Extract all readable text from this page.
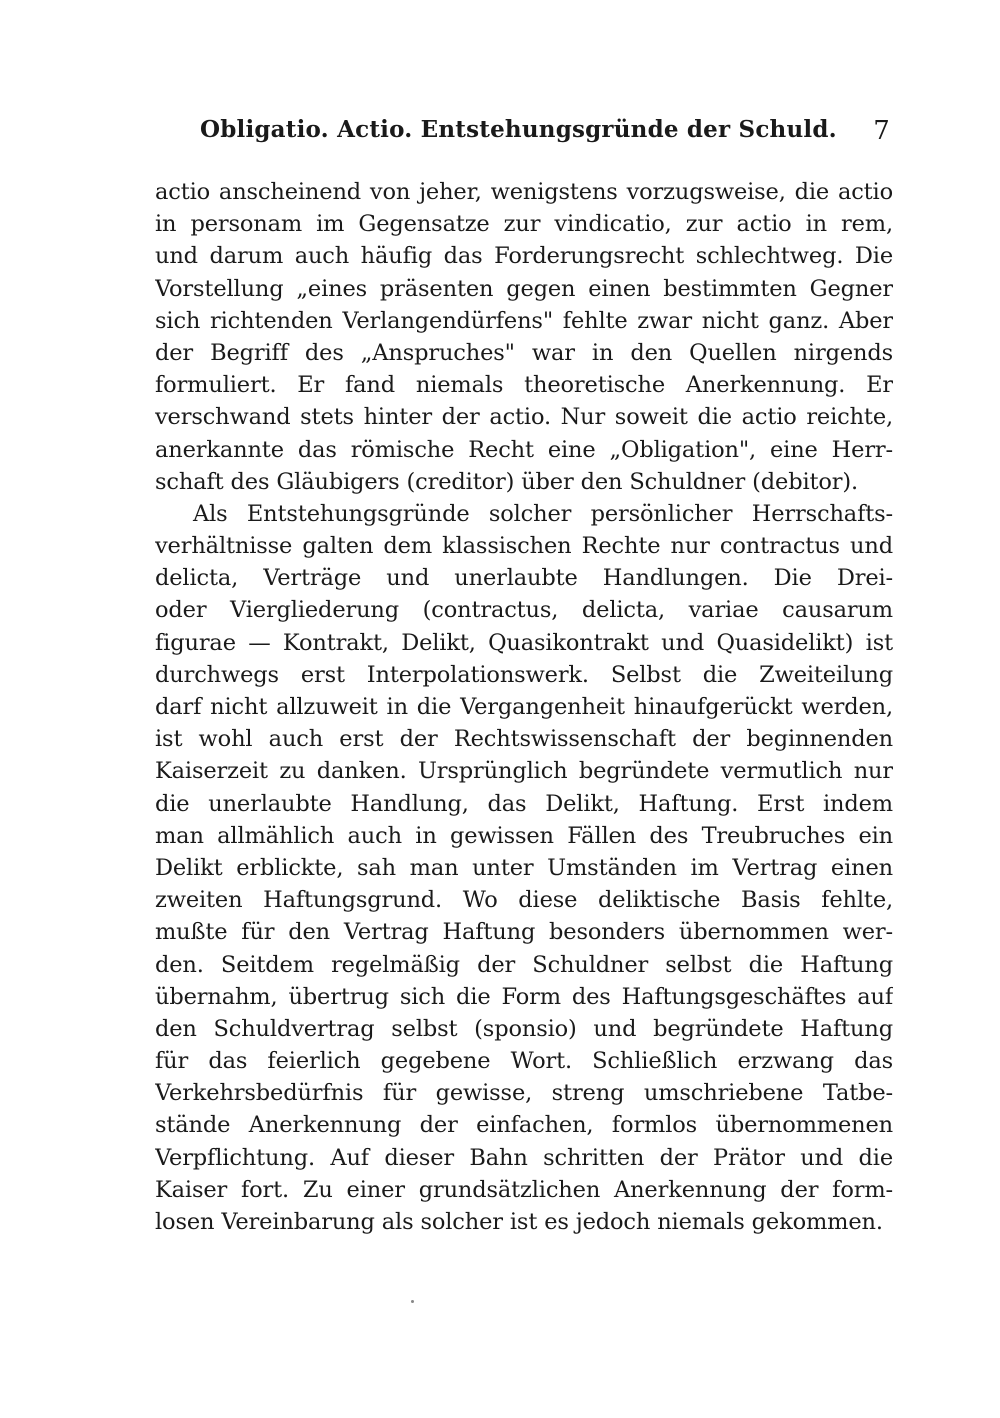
Obligatio. Actio. Entstehungsgründe der Schuld. 7
actio anscheinend von jeher, wenigstens vorzugsweise, die actio
in personam im Gegensatze zur vindicatio, zur actio in rem,
und darum auch häufig das Forderungsrecht schlechtweg. Die
Vorstellung „eines präsenten gegen einen bestimmten Gegner
sich richtenden Verlangendürfens" fehlte zwar nicht ganz. Aber
der Begriff des „Anspruches" war in den Quellen nirgends
formuliert. Er fand niemals theoretische Anerkennung. Er
verschwand stets hinter der actio. Nur soweit die actio reichte,
anerkannte das römische Recht eine „Obligation", eine Herr-
schaft des Gläubigers (creditor) über den Schuldner (debitor).
Als Entstehungsgründe solcher persönlicher Herrschafts-
verhältnisse galten dem klassischen Rechte nur contractus und
delicta, Verträge und unerlaubte Handlungen. Die Drei-
oder Viergliederung (contractus, delicta, variae causarum
figurae — Kontrakt, Delikt, Quasikontrakt und Quasidelikt) ist
durchwegs erst Interpolationswerk. Selbst die Zweiteilung
darf nicht allzuweit in die Vergangenheit hinaufgerückt werden,
ist wohl auch erst der Rechtswissenschaft der beginnenden
Kaiserzeit zu danken. Ursprünglich begründete vermutlich nur
die unerlaubte Handlung, das Delikt, Haftung. Erst indem
man allmählich auch in gewissen Fällen des Treubruches ein
Delikt erblickte, sah man unter Umständen im Vertrag einen
zweiten Haftungsgrund. Wo diese deliktische Basis fehlte,
mußte für den Vertrag Haftung besonders übernommen wer-
den. Seitdem regelmäßig der Schuldner selbst die Haftung
übernahm, übertrug sich die Form des Haftungsgeschäftes auf
den Schuldvertrag selbst (sponsio) und begründete Haftung
für das feierlich gegebene Wort. Schließlich erzwang das
Verkehrsbedürfnis für gewisse, streng umschriebene Tatbe-
stände Anerkennung der einfachen, formlos übernommenen
Verpflichtung. Auf dieser Bahn schritten der Prätor und die
Kaiser fort. Zu einer grundsätzlichen Anerkennung der form-
losen Vereinbarung als solcher ist es jedoch niemals gekommen.
